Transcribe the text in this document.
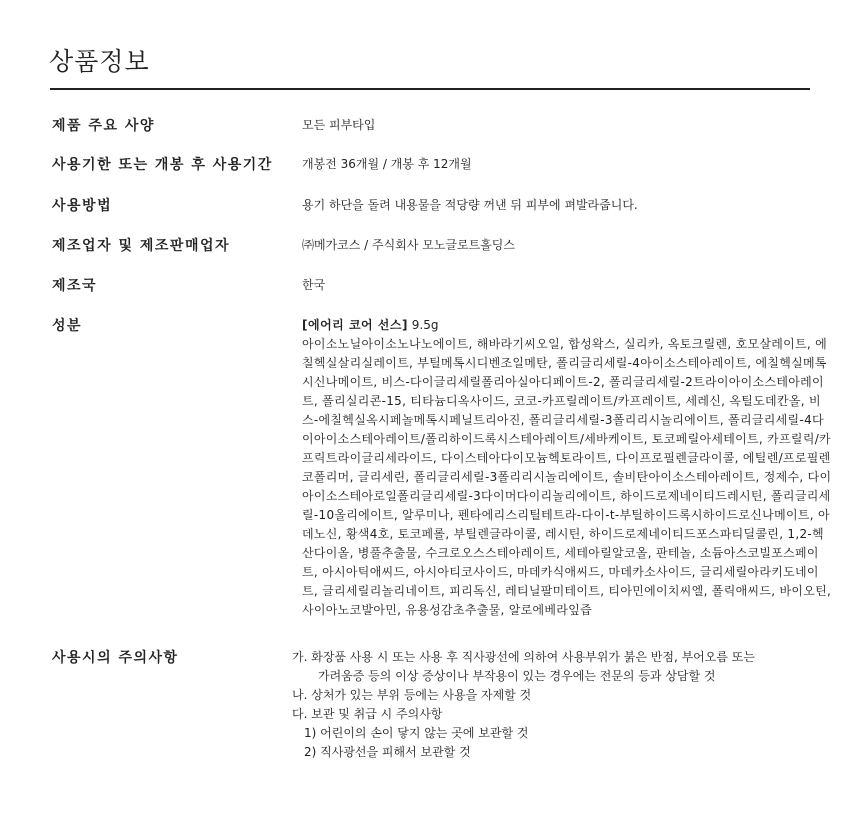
상품정보
제품 주요 사양	모든 피부타입
사용기한 또는 개봉 후 사용기간	개봉전 36개월 / 개봉 후 12개월
사용방법	용기 하단을 돌려 내용물을 적당량 꺼낸 뒤 피부에 펴발라줍니다.
제조업자 및 제조판매업자	㈜메가코스 / 주식회사 모노글로트홀딩스
제조국	한국
성분	[에어리 코어 선스] 9.5g
아이소노닐아이소노나노에이트, 해바라기씨오일, 합성왁스, 실리카, 옥토크릴렌, 호모살레이트, 에칠헥실살리실레이트, 부틸메톡시디벤조일메탄, 폴리글리세릴-4아이소스테아레이트, 에칠헥실메톡시신나메이트, 비스-다이글리세릴폴리아실아디페이트-2, 폴리글리세릴-2트라이아이소스테아레이트, 폴리실리콘-15, 티타늄디옥사이드, 코코-카프릴레이트/카프레이트, 세레신, 옥틸도데칸올, 비스-에칠헥실옥시페놀메톡시페닐트리아진, 폴리글리세릴-3폴리리시놀리에이트, 폴리글리세릴-4다이아이소스테아레이트/폴리하이드록시스테아레이트/세바케이트, 토코페릴아세테이트, 카프릴릭/카프릭트라이글리세라이드, 다이스테아다이모늄헥토라이트, 다이프로필렌글라이콜, 에틸렌/프로필렌코폴리머, 글리세린, 폴리글리세릴-3폴리리시놀리에이트, 솔비탄아이소스테아레이트, 정제수, 다이아이소스테아로일폴리글리세릴-3다이머다이리놀리에이트, 하이드로제네이티드레시틴, 폴리글리세릴-10올리에이트, 알루미나, 펜타에리스리틸테트라-다이-t-부틸하이드록시하이드로신나메이트, 아데노신, 황색4호, 토코페롤, 부틸렌글라이콜, 레시틴, 하이드로제네이티드포스파티딜콜린, 1,2-헥산다이올, 병풀추출물, 수크로오스스테아레이트, 세테아릴알코올, 판테놀, 소듐아스코빌포스페이트, 아시아틱애씨드, 아시아티코사이드, 마데카식애씨드, 마데카소사이드, 글리세릴아라키도네이트, 글리세릴리놀리네이트, 피리독신, 레티닐팔미테이트, 티아민에이치씨엘, 폴릭애씨드, 바이오틴, 사이아노코발아민, 유용성감초추출물, 알로에베라잎즙
사용시의 주의사항	가. 화장품 사용 시 또는 사용 후 직사광선에 의하여 사용부위가 붉은 반점, 부어오름 또는
가려움증 등의 이상 증상이나 부작용이 있는 경우에는 전문의 등과 상담할 것
나. 상처가 있는 부위 등에는 사용을 자제할 것
다. 보관 및 취급 시 주의사항
1) 어린이의 손이 닿지 않는 곳에 보관할 것
2) 직사광선을 피해서 보관할 것
